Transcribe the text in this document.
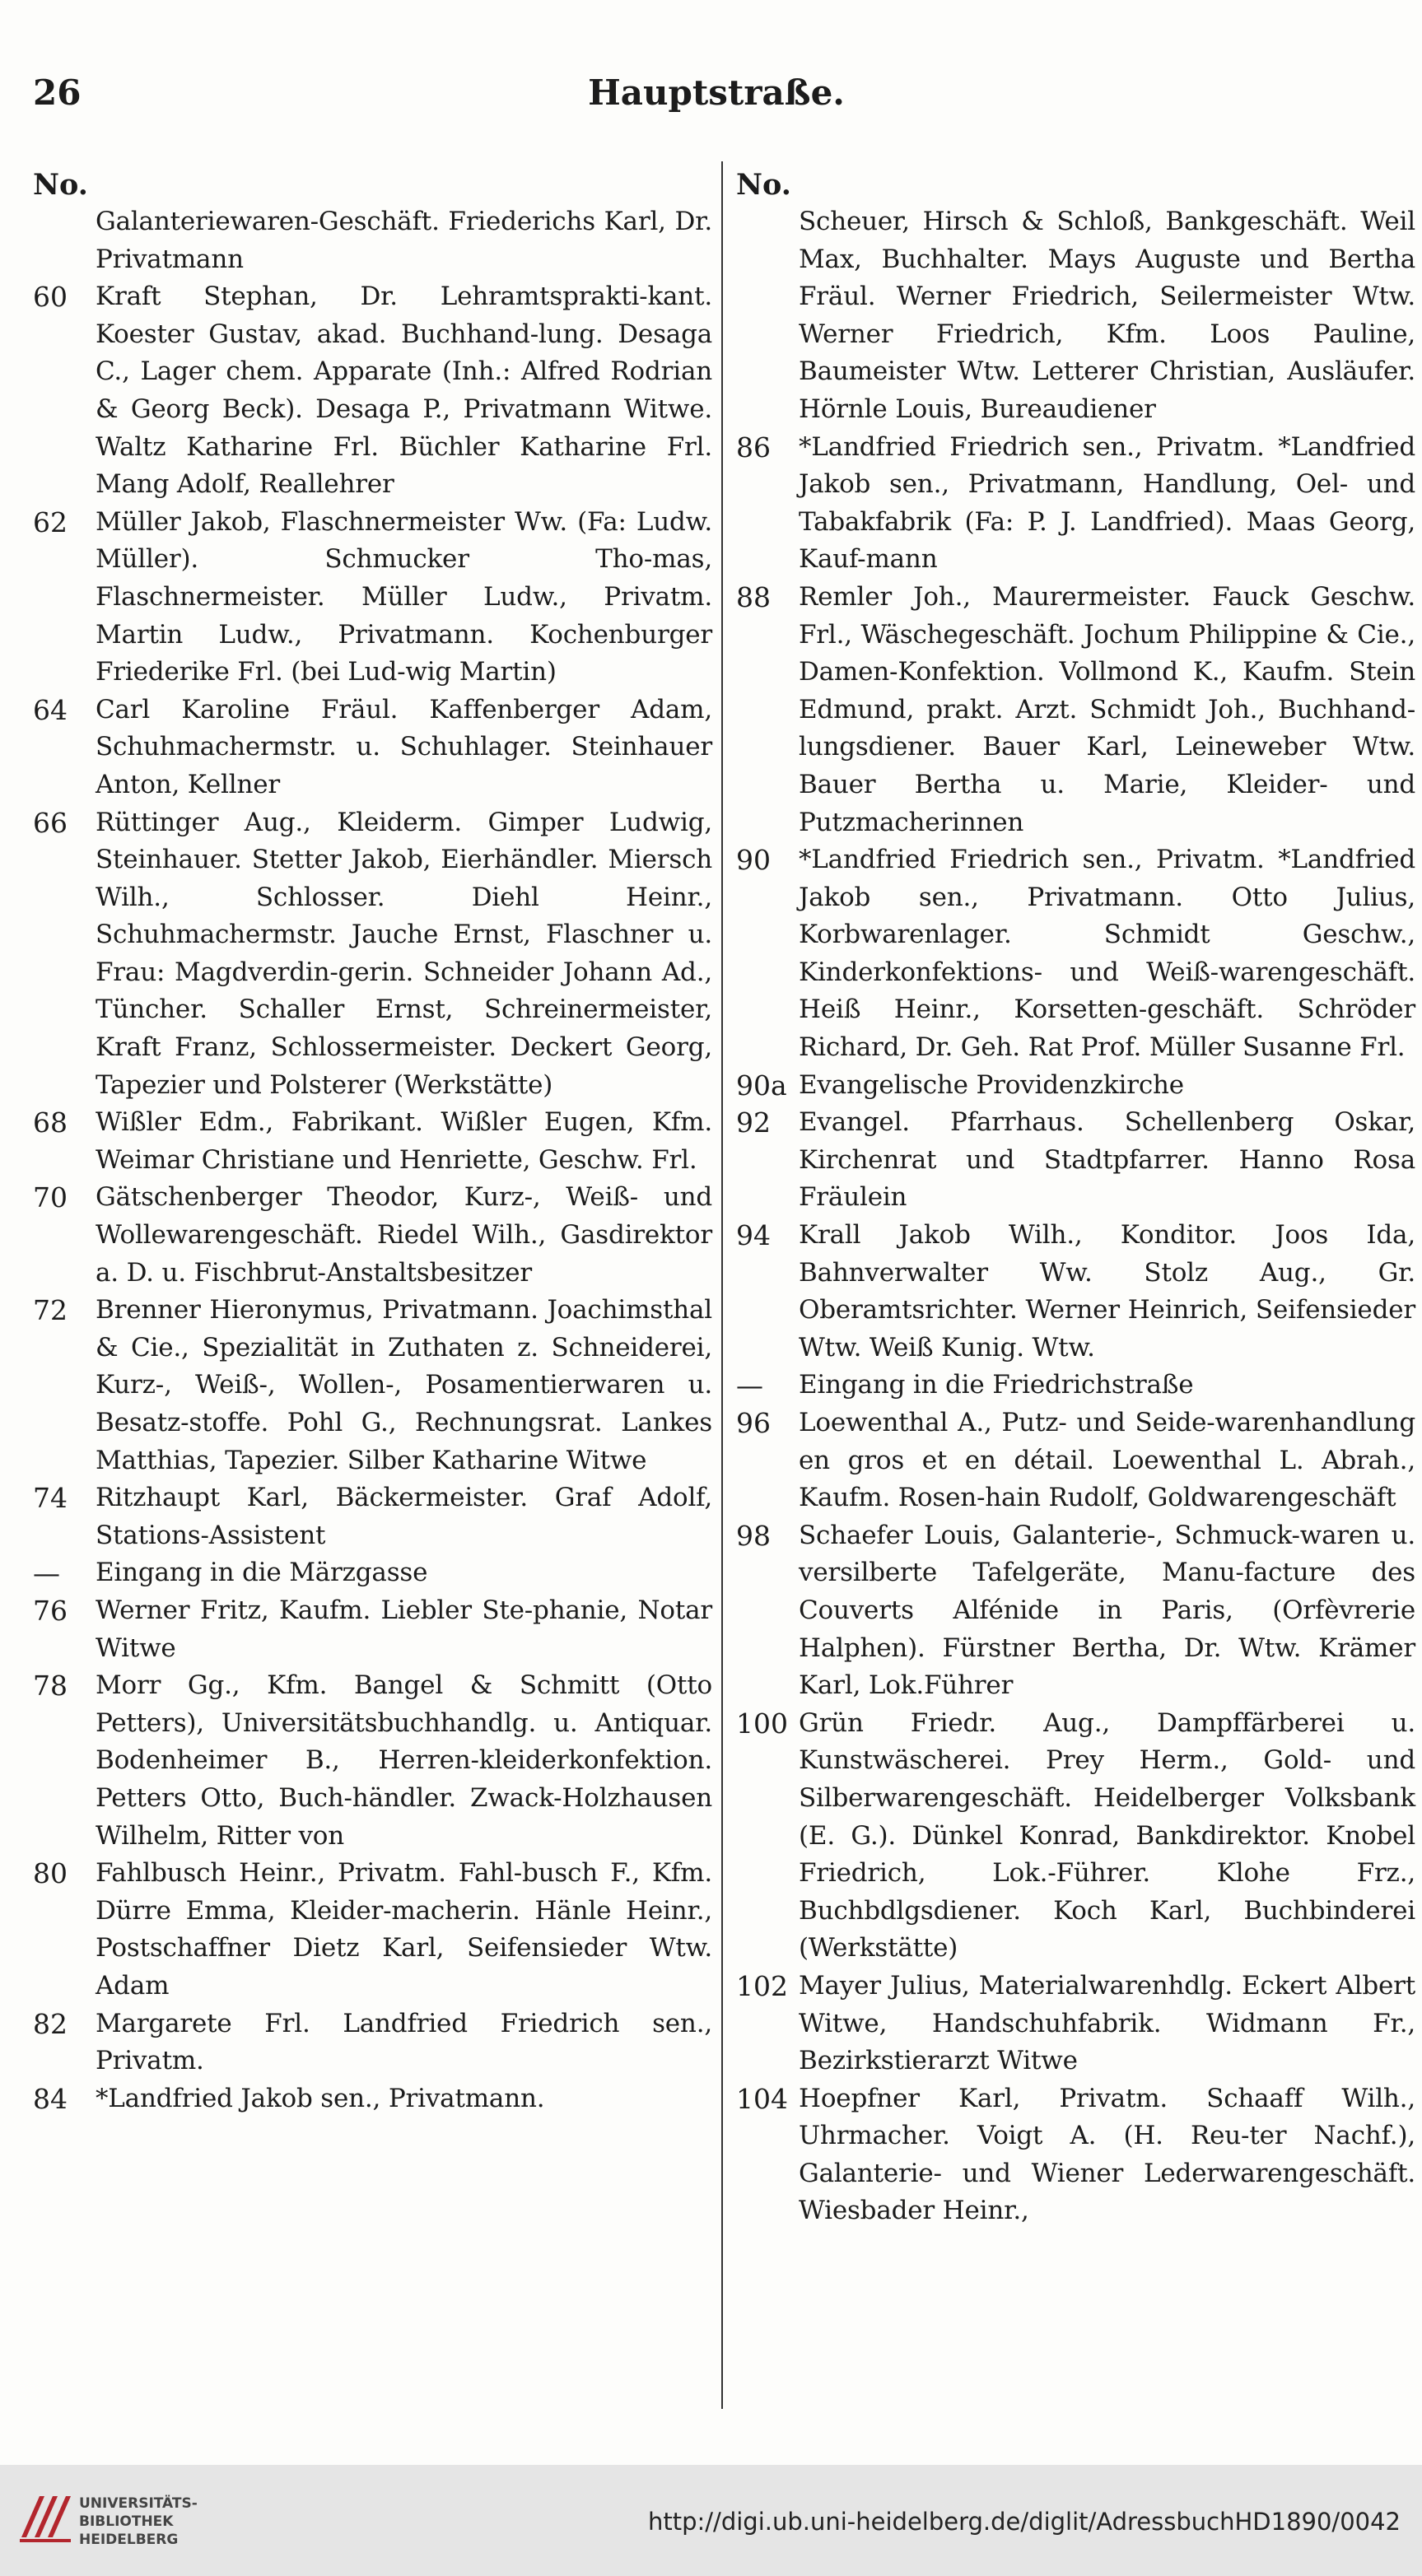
26	Hauptstraße.
No.
Galanteriewaren-Geschäft. Friederichs Karl, Dr. Privatmann
60	Kraft Stephan, Dr. Lehramtsprakti-kant. Koester Gustav, akad. Buchhand-lung. Desaga C., Lager chem. Apparate (Inh.: Alfred Rodrian & Georg Beck). Desaga P., Privatmann Witwe. Waltz Katharine Frl. Büchler Katharine Frl. Mang Adolf, Reallehrer
62	Müller Jakob, Flaschnermeister Ww. (Fa: Ludw. Müller). Schmucker Tho-mas, Flaschnermeister. Müller Ludw., Privatm. Martin Ludw., Privatmann. Kochenburger Friederike Frl. (bei Lud-wig Martin)
64	Carl Karoline Fräul. Kaffenberger Adam, Schuhmachermstr. u. Schuhlager. Steinhauer Anton, Kellner
66	Rüttinger Aug., Kleiderm. Gimper Ludwig, Steinhauer. Stetter Jakob, Eierhändler. Miersch Wilh., Schlosser. Diehl Heinr., Schuhmachermstr. Jauche Ernst, Flaschner u. Frau: Magdverdin-gerin. Schneider Johann Ad., Tüncher. Schaller Ernst, Schreinermeister, Kraft Franz, Schlossermeister. Deckert Georg, Tapezier und Polsterer (Werkstätte)
68	Wißler Edm., Fabrikant. Wißler Eugen, Kfm. Weimar Christiane und Henriette, Geschw. Frl.
70	Gätschenberger Theodor, Kurz-, Weiß- und Wollewarengeschäft. Riedel Wilh., Gasdirektor a. D. u. Fischbrut-Anstaltsbesitzer
72	Brenner Hieronymus, Privatmann. Joachimsthal & Cie., Spezialität in Zuthaten z. Schneiderei, Kurz-, Weiß-, Wollen-, Posamentierwaren u. Besatz-stoffe. Pohl G., Rechnungsrat. Lankes Matthias, Tapezier. Silber Katharine Witwe
74	Ritzhaupt Karl, Bäckermeister. Graf Adolf, Stations-Assistent
—	Eingang in die Märzgasse
76	Werner Fritz, Kaufm. Liebler Ste-phanie, Notar Witwe
78	Morr Gg., Kfm. Bangel & Schmitt (Otto Petters), Universitätsbuchhandlg. u. Antiquar. Bodenheimer B., Herren-kleiderkonfektion. Petters Otto, Buch-händler. Zwack-Holzhausen Wilhelm, Ritter von
80	Fahlbusch Heinr., Privatm. Fahl-busch F., Kfm. Dürre Emma, Kleider-macherin. Hänle Heinr., Postschaffner Dietz Karl, Seifensieder Wtw. Adam
82	Margarete Frl. Landfried Friedrich sen., Privatm.
84	*Landfried Jakob sen., Privatmann.
No.
Scheuer, Hirsch & Schloß, Bankgeschäft. Weil Max, Buchhalter. Mays Auguste und Bertha Fräul. Werner Friedrich, Seilermeister Wtw. Werner Friedrich, Kfm. Loos Pauline, Baumeister Wtw. Letterer Christian, Ausläufer. Hörnle Louis, Bureaudiener
86	*Landfried Friedrich sen., Privatm. *Landfried Jakob sen., Privatmann, Handlung, Oel- und Tabakfabrik (Fa: P. J. Landfried). Maas Georg, Kauf-mann
88	Remler Joh., Maurermeister. Fauck Geschw. Frl., Wäschegeschäft. Jochum Philippine & Cie., Damen-Konfektion. Vollmond K., Kaufm. Stein Edmund, prakt. Arzt. Schmidt Joh., Buchhand-lungsdiener. Bauer Karl, Leineweber Wtw. Bauer Bertha u. Marie, Kleider- und Putzmacherinnen
90	*Landfried Friedrich sen., Privatm. *Landfried Jakob sen., Privatmann. Otto Julius, Korbwarenlager. Schmidt Geschw., Kinderkonfektions- und Weiß-warengeschäft. Heiß Heinr., Korsetten-geschäft. Schröder Richard, Dr. Geh. Rat Prof. Müller Susanne Frl.
90a Evangelische Providenzkirche
92	Evangel. Pfarrhaus. Schellenberg Oskar, Kirchenrat und Stadtpfarrer. Hanno Rosa Fräulein
94	Krall Jakob Wilh., Konditor. Joos Ida, Bahnverwalter Ww. Stolz Aug., Gr. Oberamtsrichter. Werner Heinrich, Seifensieder Wtw. Weiß Kunig. Wtw.
—	Eingang in die Friedrichstraße
96	Loewenthal A., Putz- und Seide-warenhandlung en gros et en détail. Loewenthal L. Abrah., Kaufm. Rosen-hain Rudolf, Goldwarengeschäft
98	Schaefer Louis, Galanterie-, Schmuck-waren u. versilberte Tafelgeräte, Manu-facture des Couverts Alfénide in Paris, (Orfèvrerie Halphen). Fürstner Bertha, Dr. Wtw. Krämer Karl, Lok.Führer
100 Grün Friedr. Aug., Dampffärberei u. Kunstwäscherei. Prey Herm., Gold- und Silberwarengeschäft. Heidelberger Volksbank (E. G.). Dünkel Konrad, Bankdirektor. Knobel Friedrich, Lok.-Führer. Klohe Frz., Buchbdlgsdiener. Koch Karl, Buchbinderei (Werkstätte)
102 Mayer Julius, Materialwarenhdlg. Eckert Albert Witwe, Handschuhfabrik. Widmann Fr., Bezirkstierarzt Witwe
104 Hoepfner Karl, Privatm. Schaaff Wilh., Uhrmacher. Voigt A. (H. Reu-ter Nachf.), Galanterie- und Wiener Lederwarengeschäft. Wiesbader Heinr.,
UNIVERSITÄTS-
BIBLIOTHEK
HEIDELBERG
http://digi.ub.uni-heidelberg.de/diglit/AdressbuchHD1890/0042
